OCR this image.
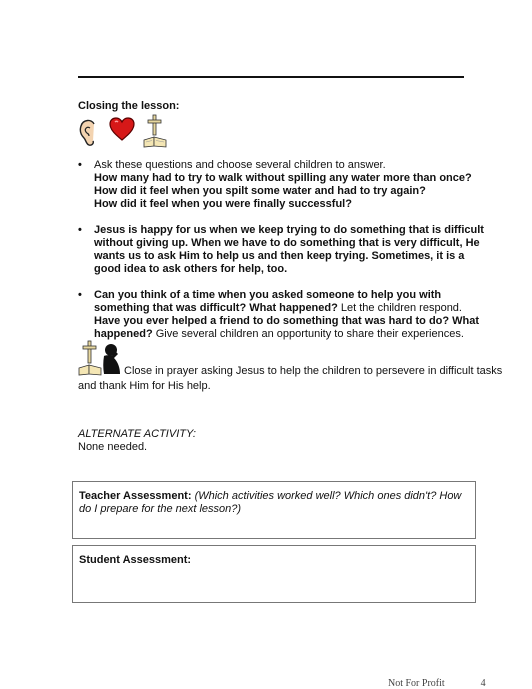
Closing the lesson:
• Ask these questions and choose several children to answer.
How many had to try to walk without spilling any water more than once?
How did it feel when you spilt some water and had to try again?
How did it feel when you were finally successful?
• Jesus is happy for us when we keep trying to do something that is difficult without giving up. When we have to do something that is very difficult, He wants us to ask Him to help us and then keep trying. Sometimes, it is a good idea to ask others for help, too.
• Can you think of a time when you asked someone to help you with something that was difficult? What happened? Let the children respond. Have you ever helped a friend to do something that was hard to do? What happened? Give several children an opportunity to share their experiences.
Close in prayer asking Jesus to help the children to persevere in difficult tasks
and thank Him for His help.
ALTERNATE ACTIVITY:
None needed.
Teacher Assessment: (Which activities worked well? Which ones didn't? How do I prepare for the next lesson?)
Student Assessment:
Not For Profit	4
